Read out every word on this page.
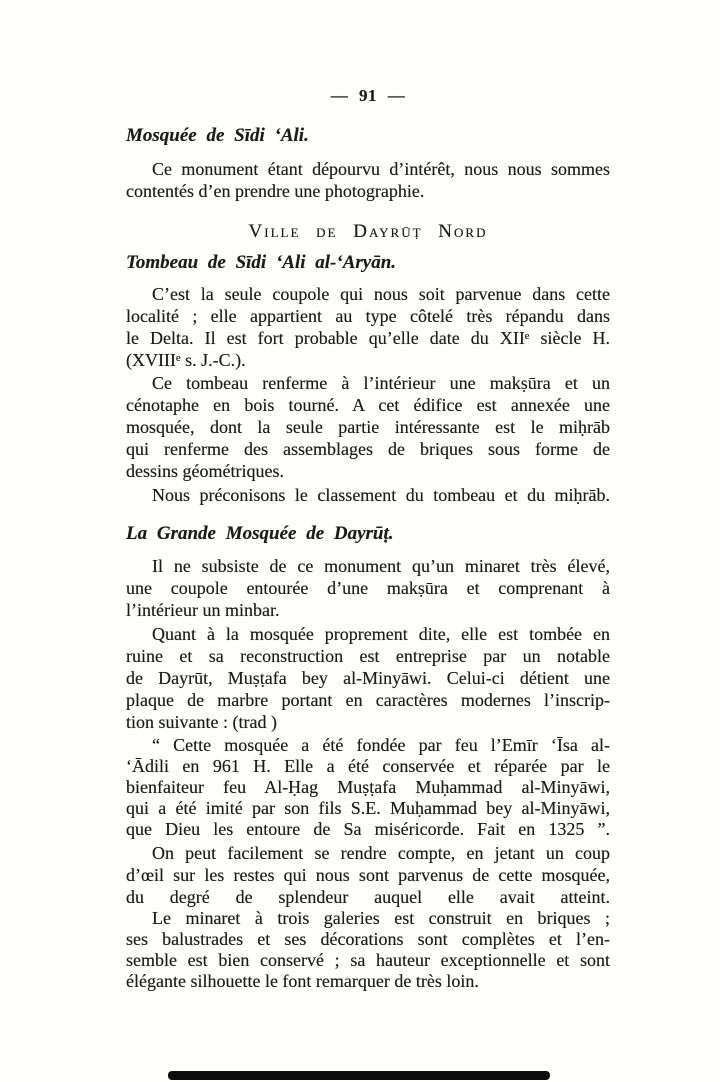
— 91 —
Mosquée de Sīdi ‘Ali.
Ce monument étant dépourvu d’intérêt, nous nous sommes
contentés d’en prendre une photographie.
Ville de Dayrūṭ Nord
Tombeau de Sīdi ‘Ali al-‘Aryān.
C’est la seule coupole qui nous soit parvenue dans cette
localité ; elle appartient au type côtelé très répandu dans
le Delta. Il est fort probable qu’elle date du XIIᵉ siècle H.
(XVIIIᵉ s. J.-C.).
Ce tombeau renferme à l’intérieur une makṣūra et un
cénotaphe en bois tourné. A cet édifice est annexée une
mosquée, dont la seule partie intéressante est le miḥrāb
qui renferme des assemblages de briques sous forme de
dessins géométriques.
Nous préconisons le classement du tombeau et du miḥrāb.
La Grande Mosquée de Dayrūṭ.
Il ne subsiste de ce monument qu’un minaret très élevé,
une coupole entourée d’une makṣūra et comprenant à
l’intérieur un minbar.
Quant à la mosquée proprement dite, elle est tombée en
ruine et sa reconstruction est entreprise par un notable
de Dayrūt, Muṣṭafa bey al-Minyāwi. Celui-ci détient une
plaque de marbre portant en caractères modernes l’inscrip-
tion suivante : (trad )
“ Cette mosquée a été fondée par feu l’Emīr ‘Īsa al-
‘Ādili en 961 H. Elle a été conservée et réparée par le
bienfaiteur feu Al-Ḥag Muṣṭafa Muḥammad al-Minyāwi,
qui a été imité par son fils S.E. Muḥammad bey al-Minyāwi,
que Dieu les entoure de Sa miséricorde. Fait en 1325 ”.
On peut facilement se rendre compte, en jetant un coup
d’œil sur les restes qui nous sont parvenus de cette mosquée,
du degré de splendeur auquel elle avait atteint.
Le minaret à trois galeries est construit en briques ;
ses balustrades et ses décorations sont complètes et l’en-
semble est bien conservé ; sa hauteur exceptionnelle et sont
élégante silhouette le font remarquer de très loin.
